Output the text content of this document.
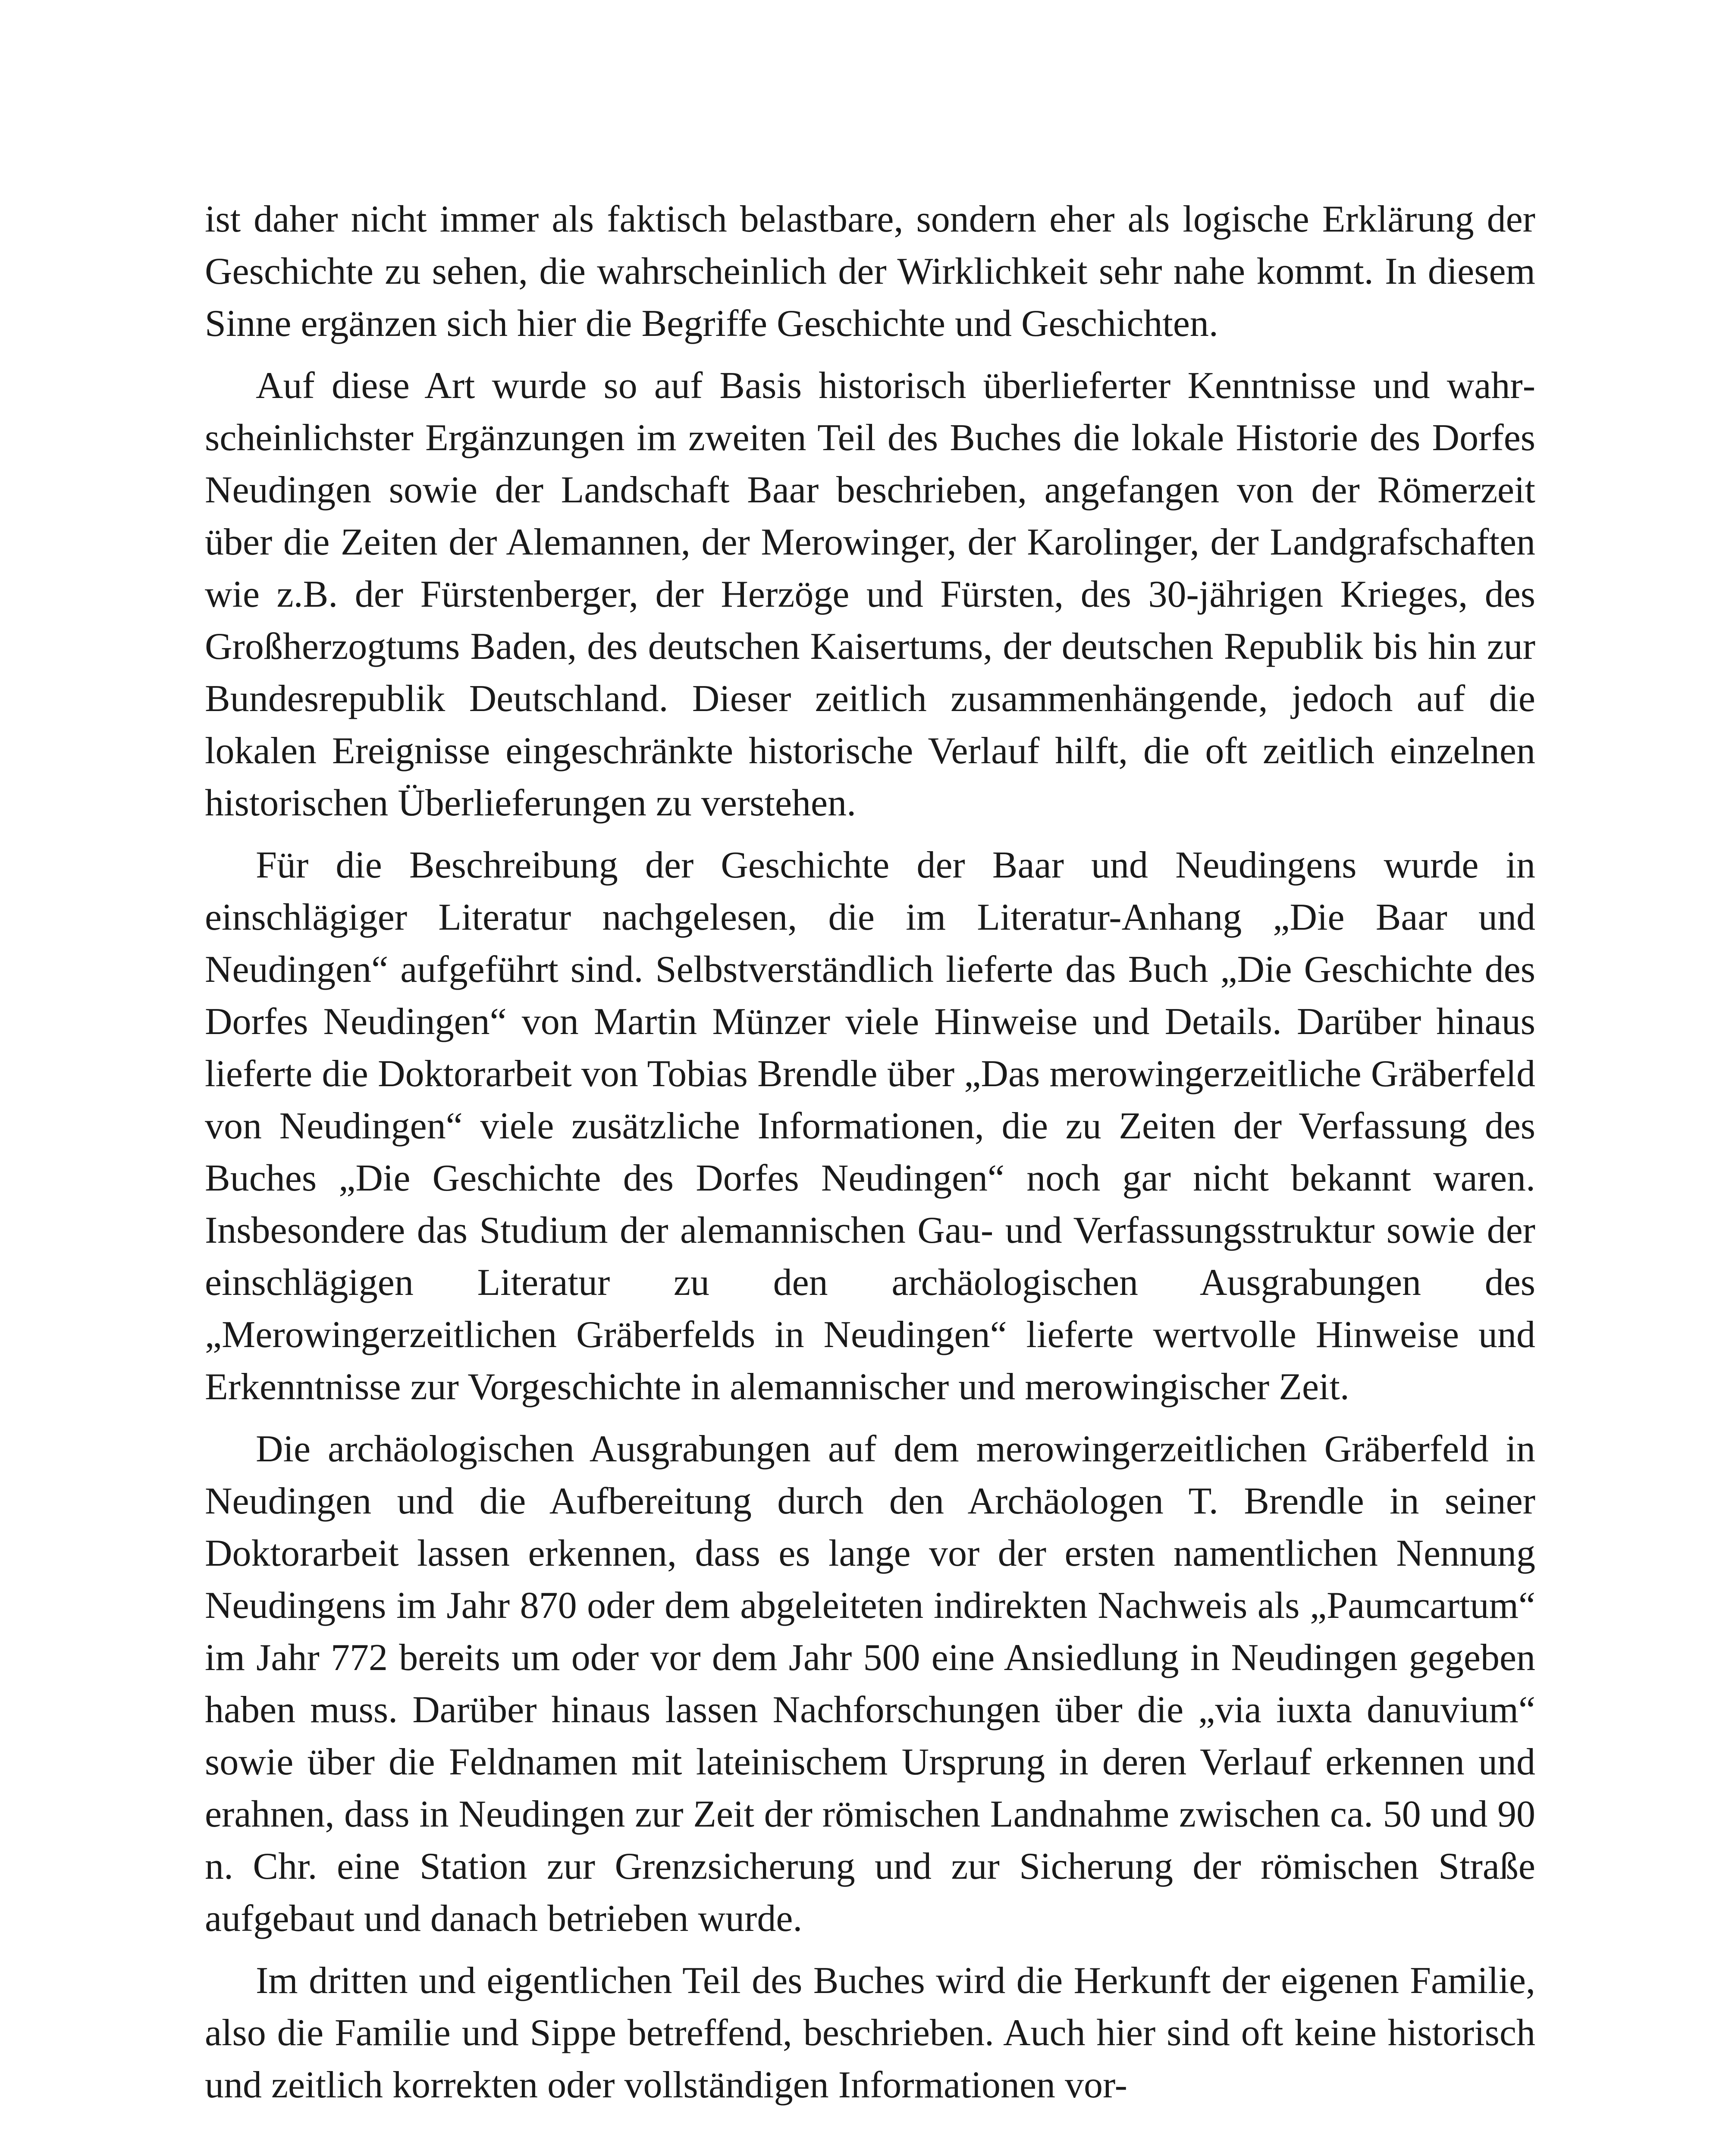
ist daher nicht immer als faktisch belastbare, sondern eher als logische Erklärung der Geschichte zu sehen, die wahrscheinlich der Wirklichkeit sehr nahe kommt. In diesem Sinne ergänzen sich hier die Begriffe Geschichte und Geschichten.

Auf diese Art wurde so auf Basis historisch überlieferter Kenntnisse und wahrscheinlichster Ergänzungen im zweiten Teil des Buches die lokale Historie des Dorfes Neudingen sowie der Landschaft Baar beschrieben, angefangen von der Römerzeit über die Zeiten der Alemannen, der Merowinger, der Karolinger, der Landgrafschaften wie z.B. der Fürstenberger, der Herzöge und Fürsten, des 30-jährigen Krieges, des Großherzogtums Baden, des deutschen Kaisertums, der deutschen Republik bis hin zur Bundesrepublik Deutschland. Dieser zeitlich zusammenhängende, jedoch auf die lokalen Ereignisse eingeschränkte historische Verlauf hilft, die oft zeitlich einzelnen historischen Überlieferungen zu verstehen.

Für die Beschreibung der Geschichte der Baar und Neudingens wurde in einschlägiger Literatur nachgelesen, die im Literatur-Anhang „Die Baar und Neudingen“ aufgeführt sind. Selbstverständlich lieferte das Buch „Die Geschichte des Dorfes Neudingen“ von Martin Münzer viele Hinweise und Details. Darüber hinaus lieferte die Doktorarbeit von Tobias Brendle über „Das merowingerzeitliche Gräberfeld von Neudingen“ viele zusätzliche Informationen, die zu Zeiten der Verfassung des Buches „Die Geschichte des Dorfes Neudingen“ noch gar nicht bekannt waren. Insbesondere das Studium der alemannischen Gau- und Verfassungsstruktur sowie der einschlägigen Literatur zu den archäologischen Ausgrabungen des „Merowingerzeitlichen Gräberfelds in Neudingen“ lieferte wertvolle Hinweise und Erkenntnisse zur Vorgeschichte in alemannischer und merowingischer Zeit.

Die archäologischen Ausgrabungen auf dem merowingerzeitlichen Gräberfeld in Neudingen und die Aufbereitung durch den Archäologen T. Brendle in seiner Doktorarbeit lassen erkennen, dass es lange vor der ersten namentlichen Nennung Neudingens im Jahr 870 oder dem abgeleiteten indirekten Nachweis als „Paumcartum“ im Jahr 772 bereits um oder vor dem Jahr 500 eine Ansiedlung in Neudingen gegeben haben muss. Darüber hinaus lassen Nachforschungen über die „via iuxta danuvium“ sowie über die Feldnamen mit lateinischem Ursprung in deren Verlauf erkennen und erahnen, dass in Neudingen zur Zeit der römischen Landnahme zwischen ca. 50 und 90 n. Chr. eine Station zur Grenzsicherung und zur Sicherung der römischen Straße aufgebaut und danach betrieben wurde.

Im dritten und eigentlichen Teil des Buches wird die Herkunft der eigenen Familie, also die Familie und Sippe betreffend, beschrieben. Auch hier sind oft keine historisch und zeitlich korrekten oder vollständigen Informationen vor-
